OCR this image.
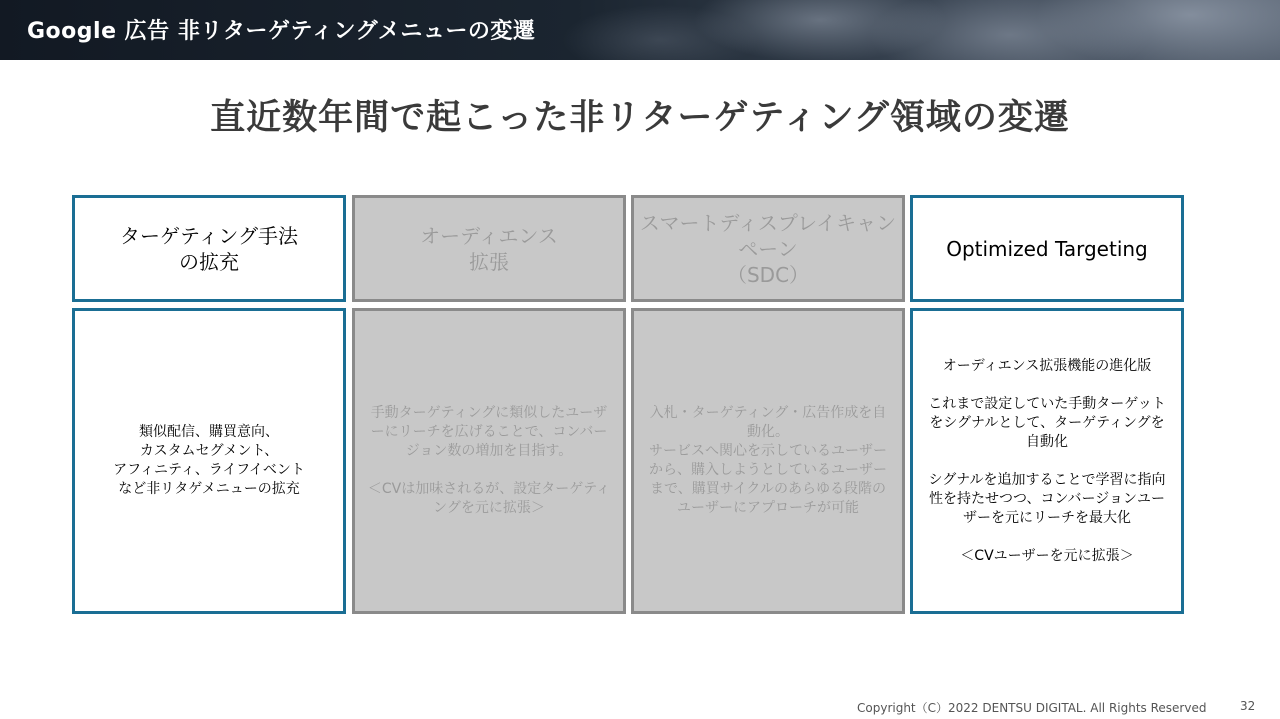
Google 広告 非リターゲティングメニューの変遷
直近数年間で起こった非リターゲティング領域の変遷
ターゲティング手法
の拡充
オーディエンス
拡張
スマートディスプレイキャンペーン
（SDC）
Optimized Targeting
類似配信、購買意向、
カスタムセグメント、
アフィニティ、ライフイベント
など非リタゲメニューの拡充
手動ターゲティングに類似したユーザーにリーチを広げることで、コンバージョン数の増加を目指す。

＜CVは加味されるが、設定ターゲティングを元に拡張＞
入札・ターゲティング・広告作成を自動化。
サービスへ関心を示しているユーザーから、購入しようとしているユーザーまで、購買サイクルのあらゆる段階のユーザーにアプローチが可能
オーディエンス拡張機能の進化版

これまで設定していた手動ターゲットをシグナルとして、ターゲティングを自動化

シグナルを追加することで学習に指向性を持たせつつ、コンバージョンユーザーを元にリーチを最大化

＜CVユーザーを元に拡張＞
Copyright（C）2022 DENTSU DIGITAL. All Rights Reserved	32
